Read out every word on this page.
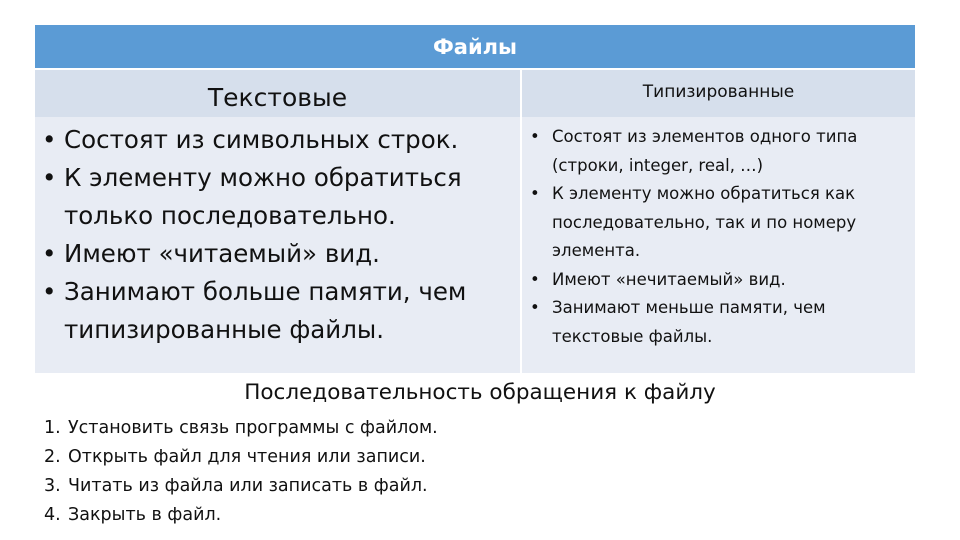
Файлы
Текстовые	Типизированные
• Состоят из символьных строк.
• К элементу можно обратиться только последовательно.
• Имеют «читаемый» вид.
• Занимают больше памяти, чем типизированные файлы.
• Состоят из элементов одного типа (строки, integer, real, …)
• К элементу можно обратиться как последовательно, так и по номеру элемента.
• Имеют «нечитаемый» вид.
• Занимают меньше памяти, чем текстовые файлы.
Последовательность обращения к файлу
1. Установить связь программы с файлом.
2. Открыть файл для чтения или записи.
3. Читать из файла или записать в файл.
4. Закрыть в файл.
